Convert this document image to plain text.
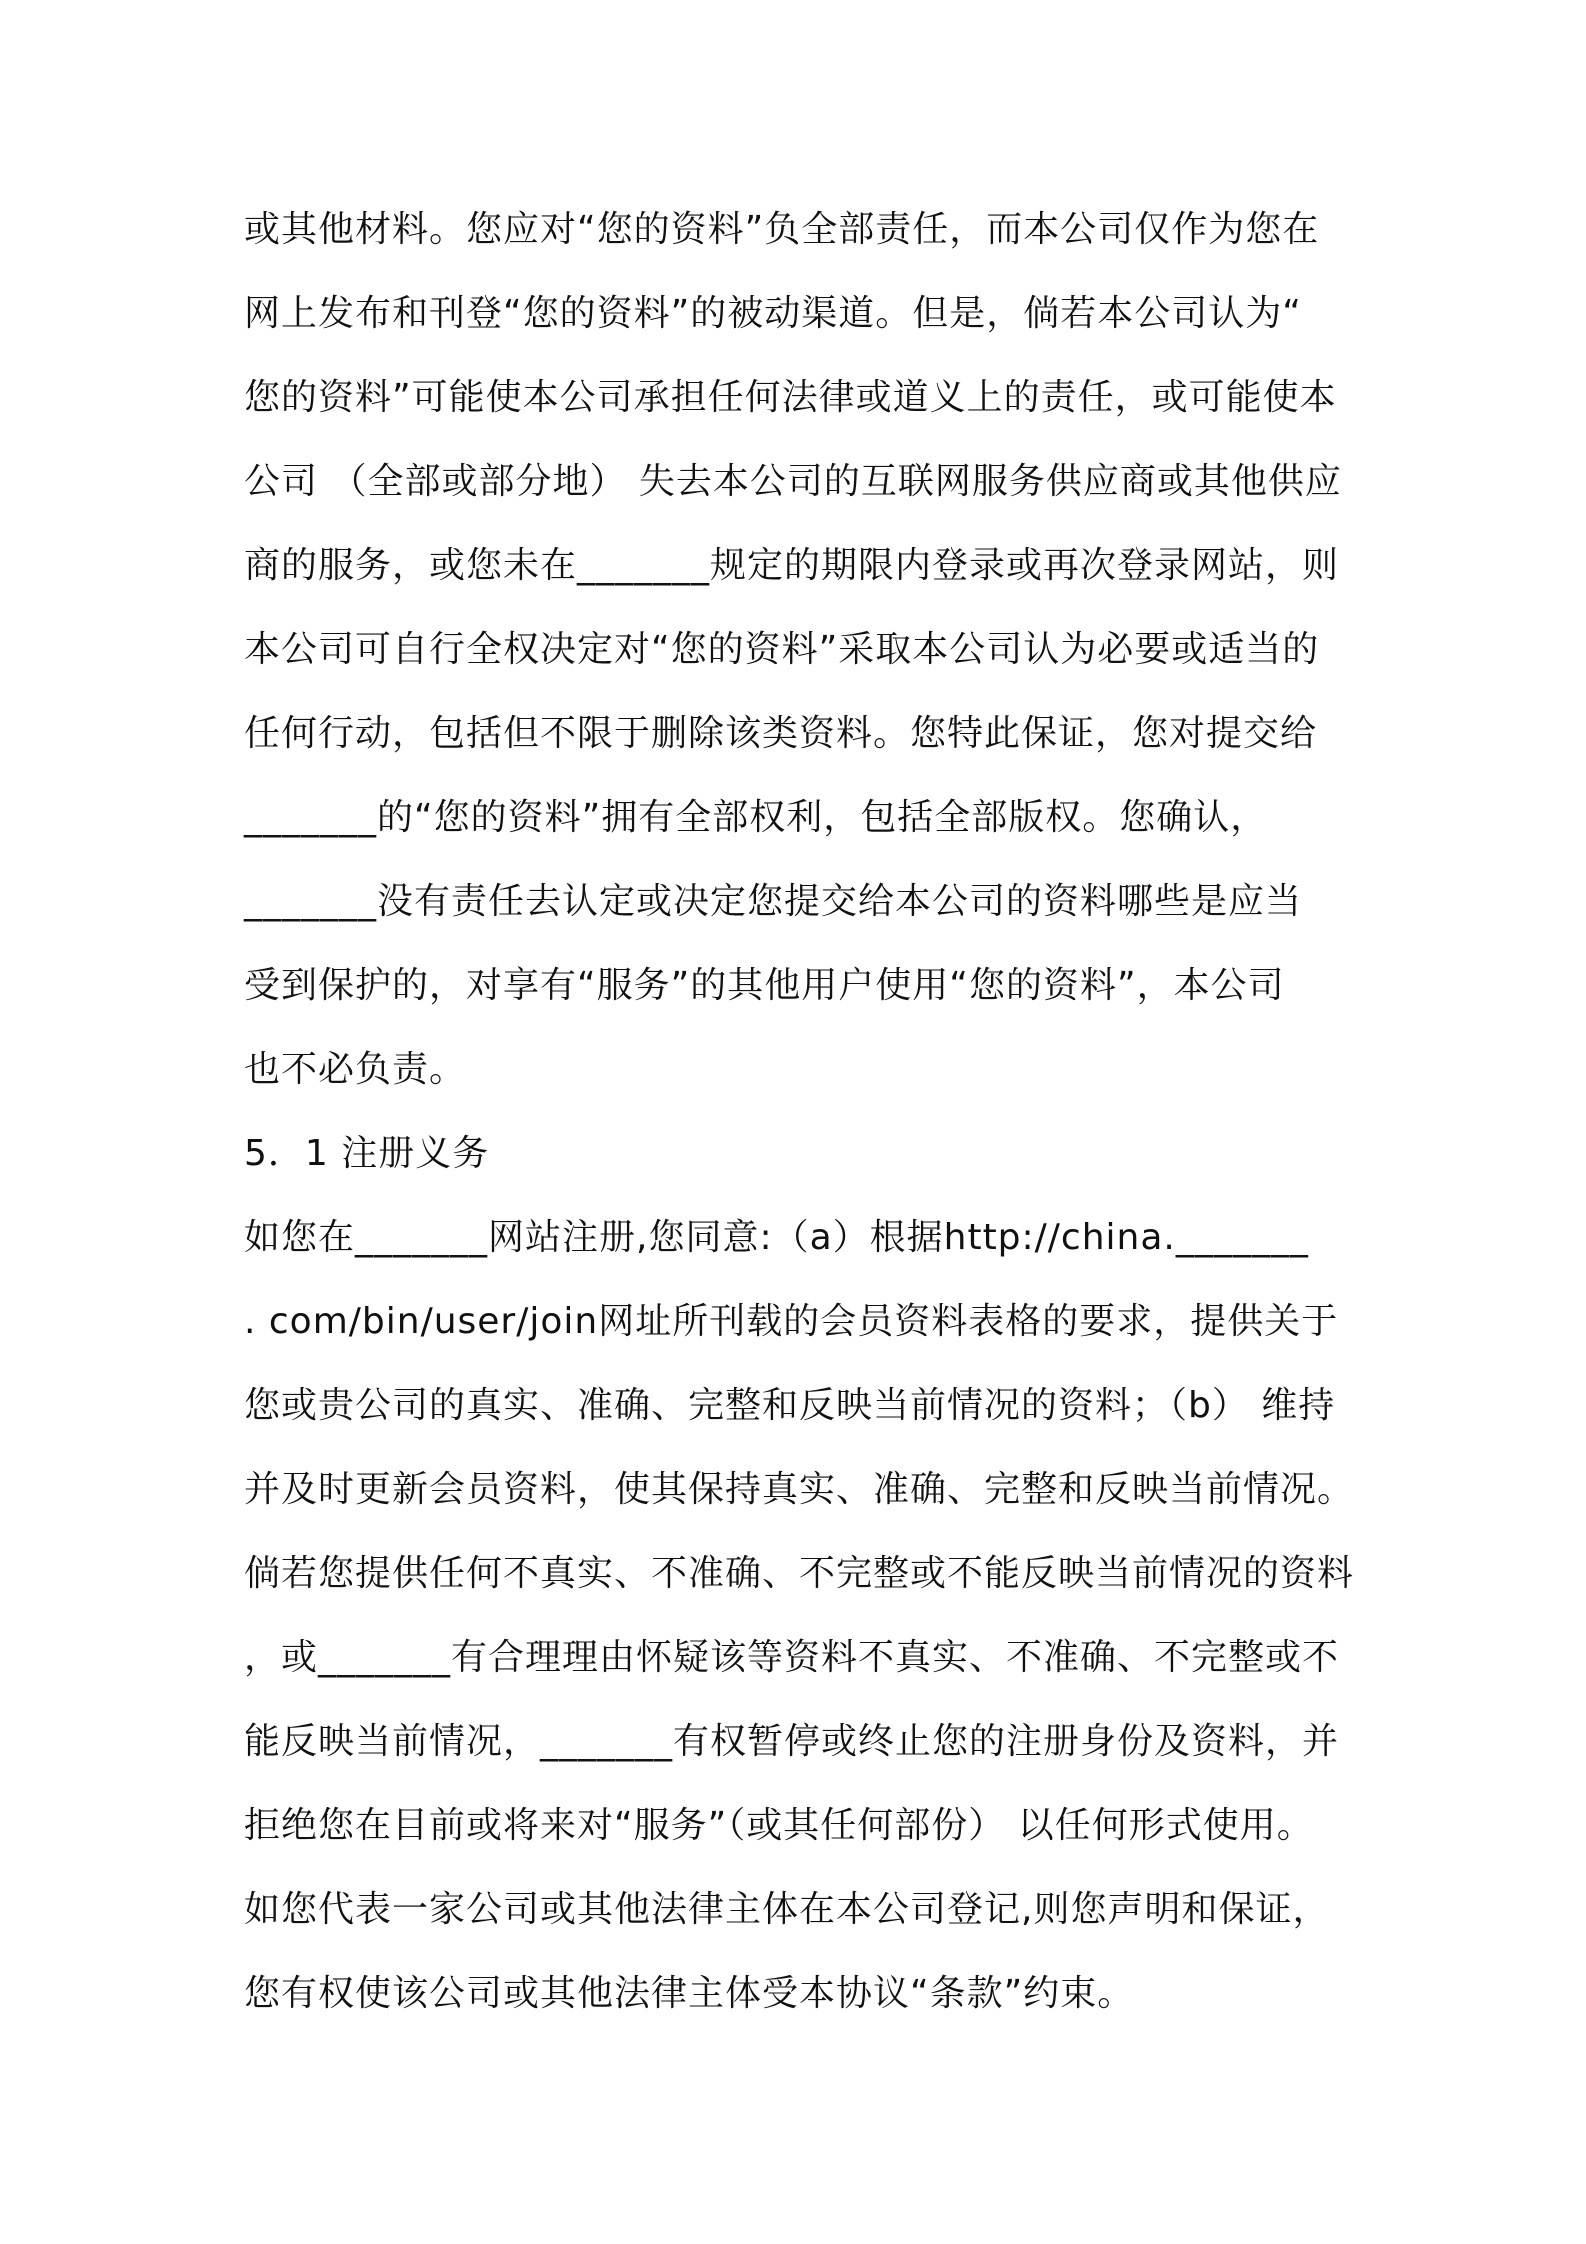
或其他材料。您应对“您的资料”负全部责任，而本公司仅作为您在
网上发布和刊登“您的资料”的被动渠道。但是，倘若本公司认为“
您的资料”可能使本公司承担任何法律或道义上的责任，或可能使本
公司 （全部或部分地） 失去本公司的互联网服务供应商或其他供应
商的服务，或您未在_______规定的期限内登录或再次登录网站，则
本公司可自行全权决定对“您的资料”采取本公司认为必要或适当的
任何行动，包括但不限于删除该类资料。您特此保证，您对提交给
_______的“您的资料”拥有全部权利，包括全部版权。您确认，
_______没有责任去认定或决定您提交给本公司的资料哪些是应当
受到保护的，对享有“服务”的其他用户使用“您的资料”，本公司
也不必负责。
5．1 注册义务
如您在_______网站注册,您同意:（a）根据http://china._______
. com/bin/user/join网址所刊载的会员资料表格的要求，提供关于
您或贵公司的真实、准确、完整和反映当前情况的资料；（b） 维持
并及时更新会员资料，使其保持真实、准确、完整和反映当前情况。
倘若您提供任何不真实、不准确、不完整或不能反映当前情况的资料
，或_______有合理理由怀疑该等资料不真实、不准确、不完整或不
能反映当前情况，_______有权暂停或终止您的注册身份及资料，并
拒绝您在目前或将来对“服务”（或其任何部份） 以任何形式使用。
如您代表一家公司或其他法律主体在本公司登记,则您声明和保证，
您有权使该公司或其他法律主体受本协议“条款”约束。
